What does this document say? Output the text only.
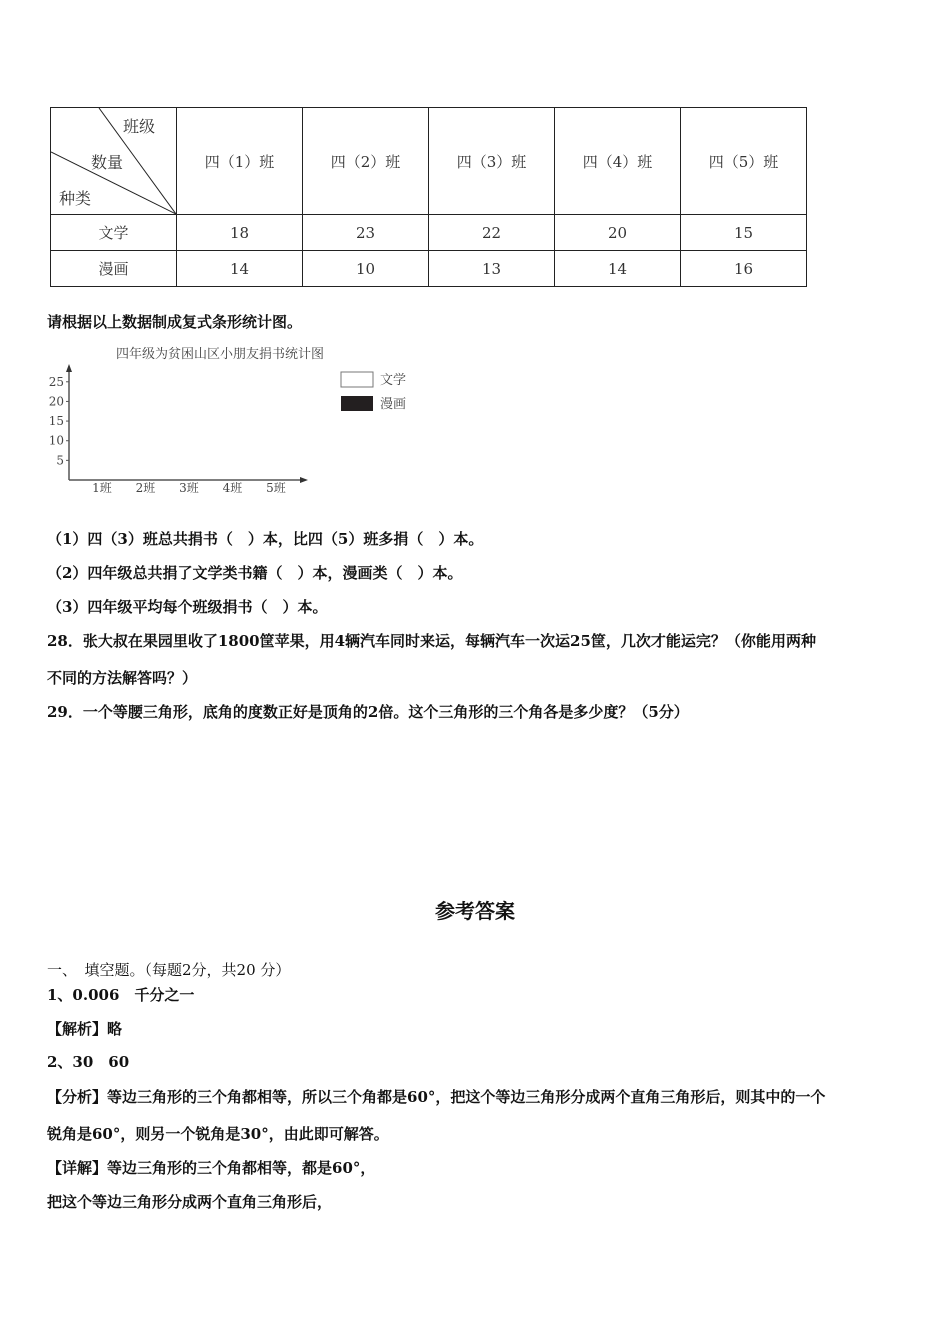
班级
数量
种类	四（1）班	四（2）班	四（3）班	四（4）班	四（5）班
文学	18	23	22	20	15
漫画	14	10	13	14	16
请根据以上数据制成复式条形统计图。
四年级为贫困山区小朋友捐书统计图
5
10
15
20
25
1班 2班 3班 4班 5班
文学
漫画
（1）四（3）班总共捐书（　）本，比四（5）班多捐（　）本。
（2）四年级总共捐了文学类书籍（　）本，漫画类（　）本。
（3）四年级平均每个班级捐书（　）本。
28．张大叔在果园里收了1800筐苹果，用4辆汽车同时来运，每辆汽车一次运25筐，几次才能运完？（你能用两种
不同的方法解答吗？）
29．一个等腰三角形，底角的度数正好是顶角的2倍。这个三角形的三个角各是多少度？（5分）
参考答案
一、　填空题。（每题2分，共20 分）
1、0.006　千分之一
【解析】略
2、30　60
【分析】等边三角形的三个角都相等，所以三个角都是60°，把这个等边三角形分成两个直角三角形后，则其中的一个
锐角是60°，则另一个锐角是30°，由此即可解答。
【详解】等边三角形的三个角都相等，都是60°，
把这个等边三角形分成两个直角三角形后，
